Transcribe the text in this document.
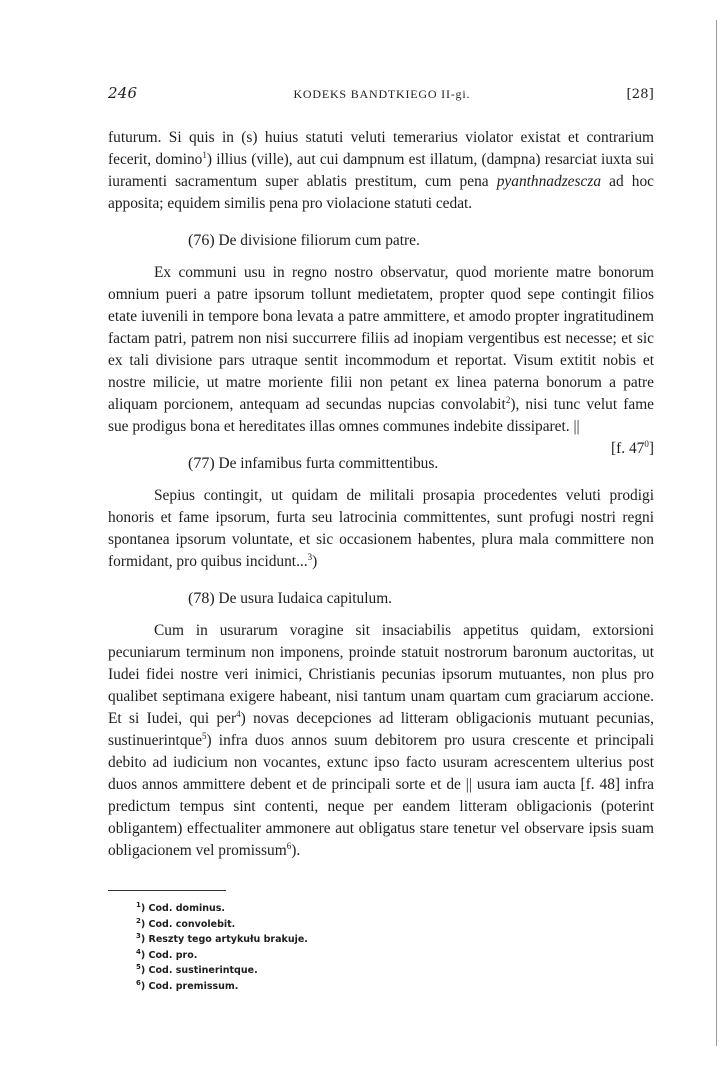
246	KODEKS BANDTKIEGO II-gi.	[28]

futurum. Si quis in (s) huius statuti veluti temerarius violator existat et contrarium fecerit, domino$^1$) illius (ville), aut cui dampnum est illatum, (dampna) resarciat iuxta sui iuramenti sacramentum super ablatis prestitum, cum pena pyanthnadzescza ad hoc apposita; equidem similis pena pro violacione statuti cedat.

(76) De divisione filiorum cum patre.

Ex communi usu in regno nostro observatur, quod moriente matre bonorum omnium pueri a patre ipsorum tollunt medietatem, propter quod sepe contingit filios etate iuvenili in tempore bona levata a patre ammittere, et amodo propter ingratitudinem factam patri, patrem non nisi succurrere filiis ad inopiam vergentibus est necesse; et sic ex tali divisione pars utraque sentit incommodum et reportat. Visum extitit nobis et nostre milicie, ut matre moriente filii non petant ex linea paterna bonorum a patre aliquam porcionem, antequam ad secundas nupcias convolabit$^2$), nisi tunc velut fame sue prodigus bona et hereditates illas omnes communes indebite dissiparet. ||
[f. $47^0$]

(77) De infamibus furta committentibus.

Sepius contingit, ut quidam de militali prosapia procedentes veluti prodigi honoris et fame ipsorum, furta seu latrocinia committentes, sunt profugi nostri regni spontanea ipsorum voluntate, et sic occasionem habentes, plura mala committere non formidant, pro quibus incidunt...$^3$)

(78) De usura Iudaica capitulum.

Cum in usurarum voragine sit insaciabilis appetitus quidam, extorsioni pecuniarum terminum non imponens, proinde statuit nostrorum baronum auctoritas, ut Iudei fidei nostre veri inimici, Christianis pecunias ipsorum mutuantes, non plus pro qualibet septimana exigere habeant, nisi tantum unam quartam cum graciarum accione. Et si Iudei, qui per$^4$) novas decepciones ad litteram obligacionis mutuant pecunias, sustinuerintque$^5$) infra duos annos suum debitorem pro usura crescente et principali debito ad iudicium non vocantes, extunc ipso facto usuram acrescentem ulterius post duos annos ammittere debent et de principali sorte et de || usura iam aucta [f. 48] infra predictum tempus sint contenti, neque per eandem litteram obligacionis (poterint obligantem) effectualiter ammonere aut obligatus stare tenetur vel observare ipsis suam obligacionem vel promissum$^6$).

$^1$) Cod. dominus.
$^2$) Cod. convolebit.
$^3$) Reszty tego artykułu brakuje.
$^4$) Cod. pro.
$^5$) Cod. sustinerintque.
$^6$) Cod. premissum.
